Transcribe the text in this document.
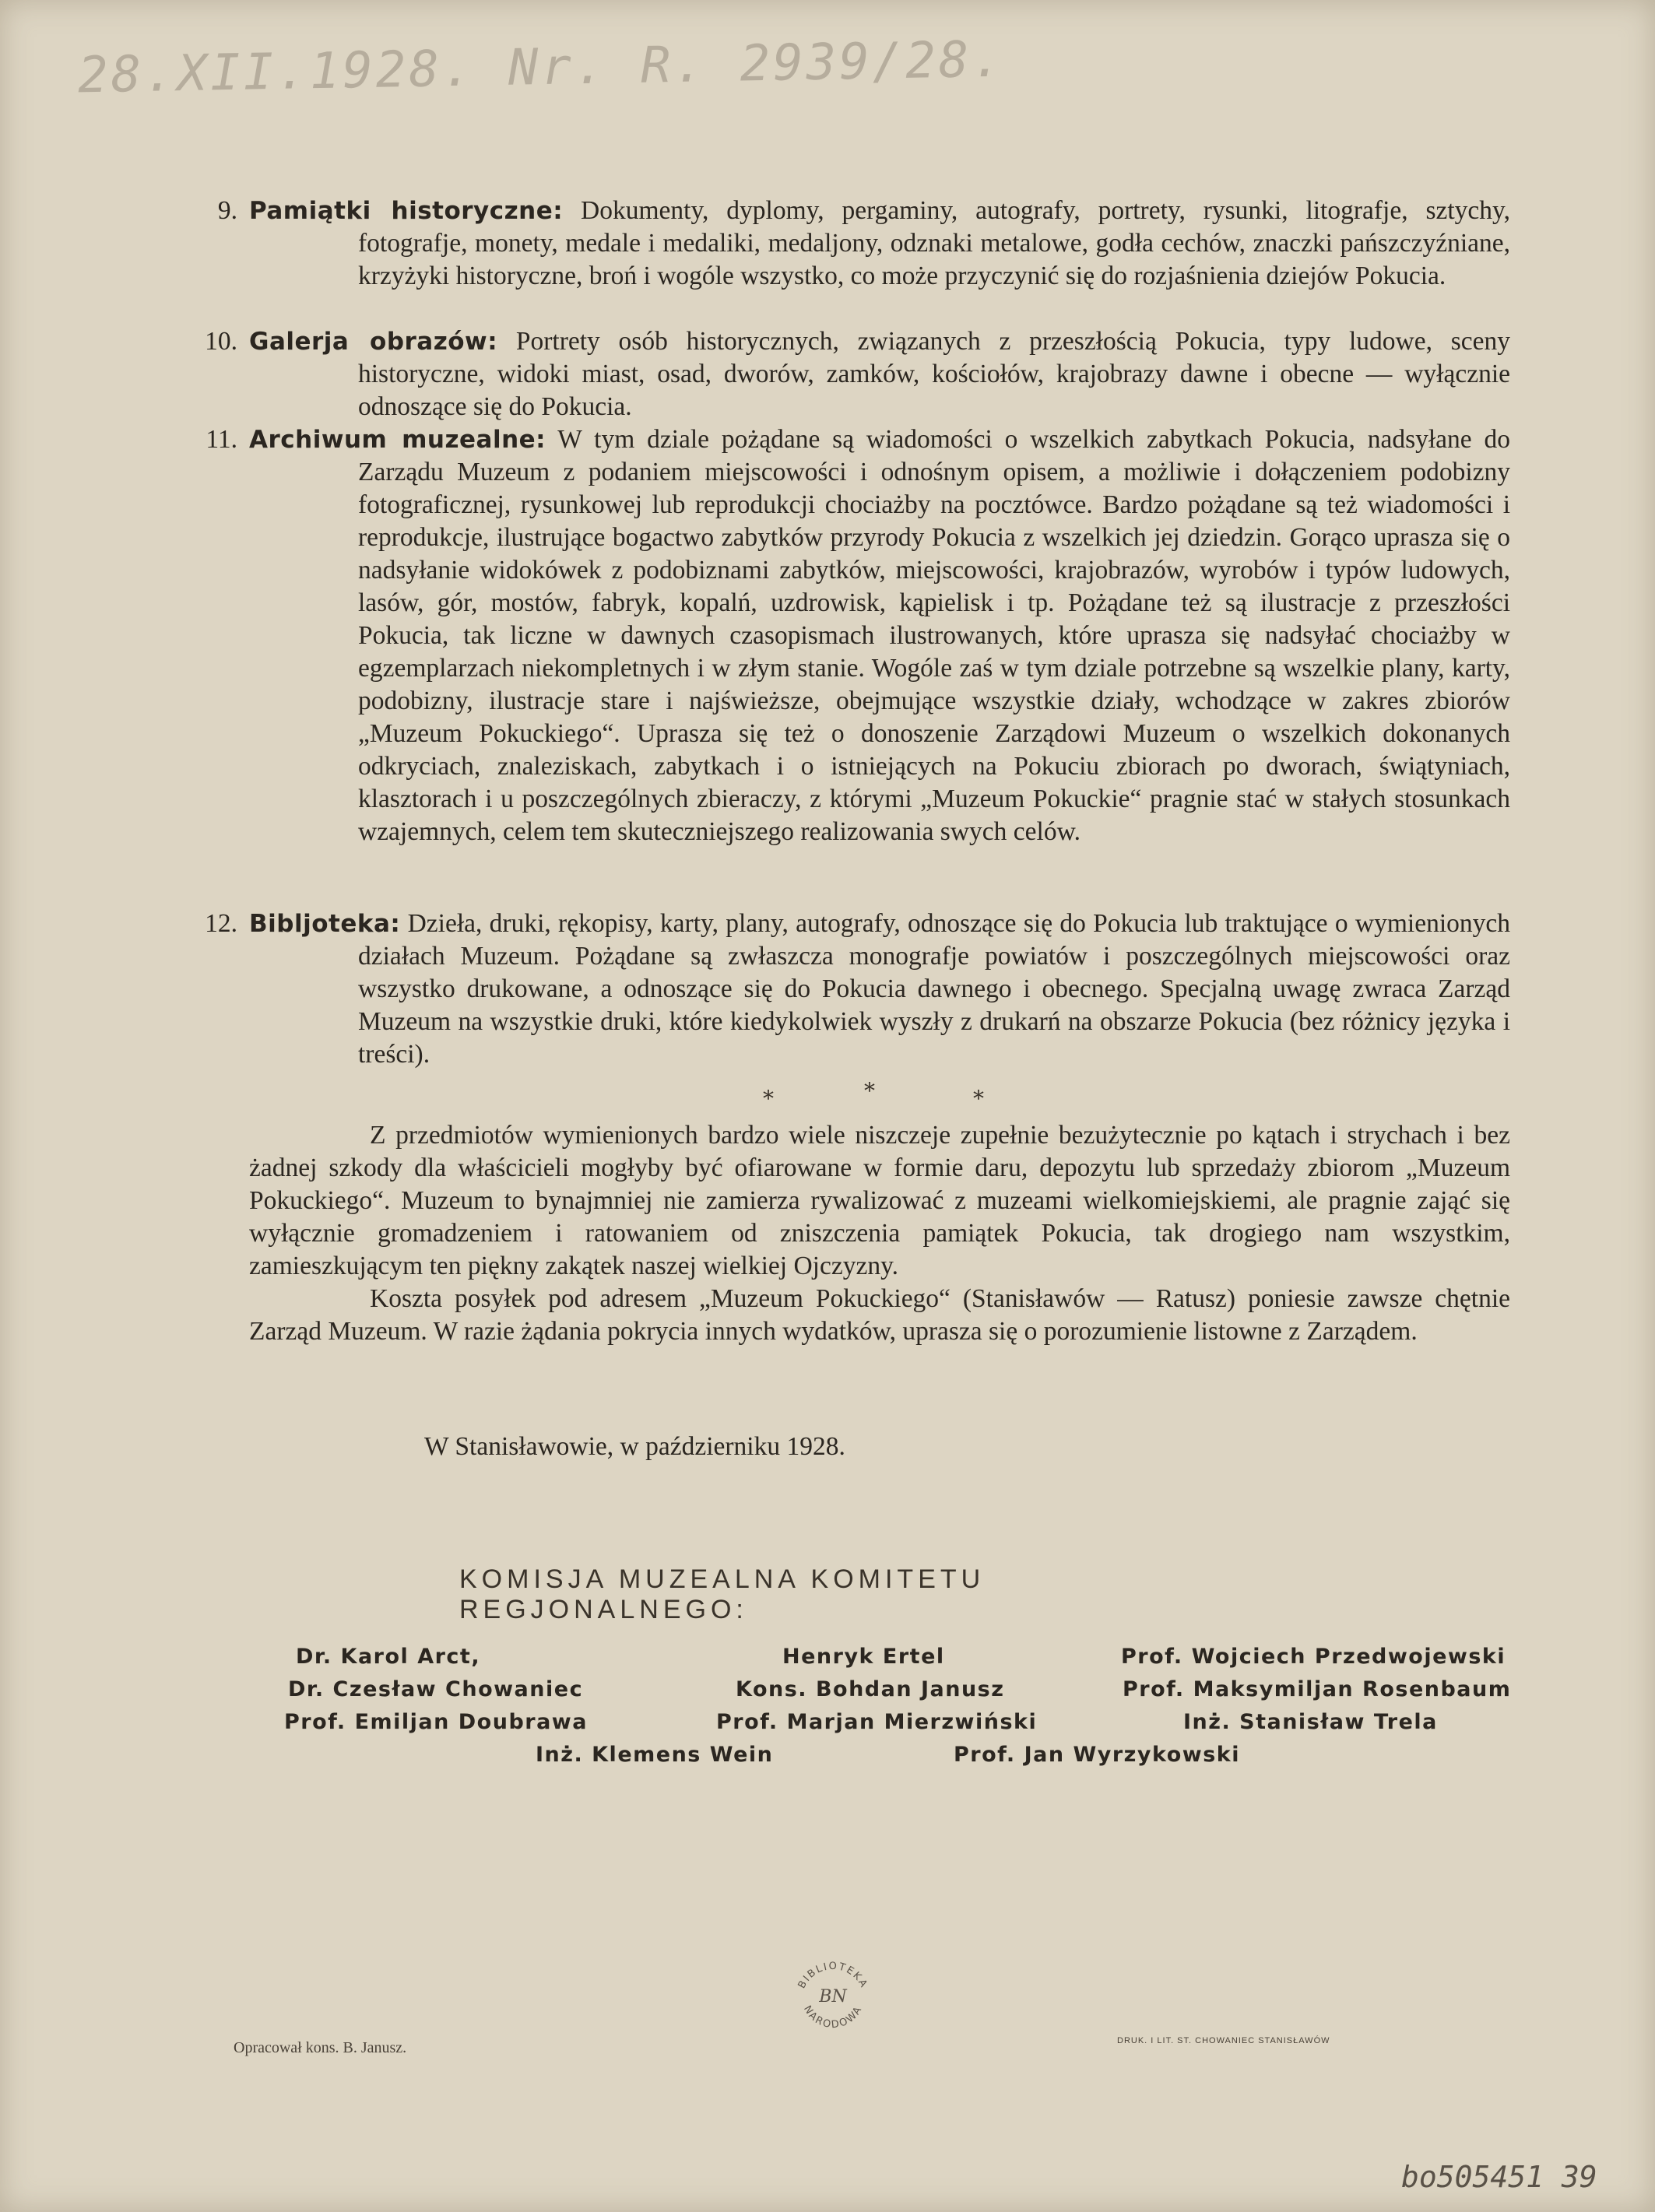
28.XII.1928. Nr. R. 2939/28.
9. Pamiątki historyczne: Dokumenty, dyplomy, pergaminy, autografy, portrety, rysunki, litografje, sztychy, fotografje, monety, medale i medaliki, medaljony, odznaki metalowe, godła cechów, znaczki pańszczyźniane, krzyżyki historyczne, broń i wogóle wszystko, co może przyczynić się do rozjaśnienia dziejów Pokucia.
10. Galerja obrazów: Portrety osób historycznych, związanych z przeszłością Pokucia, typy ludowe, sceny historyczne, widoki miast, osad, dworów, zamków, kościołów, krajobrazy dawne i obecne — wyłącznie odnoszące się do Pokucia.
11. Archiwum muzealne: W tym dziale pożądane są wiadomości o wszelkich zabytkach Pokucia, nadsyłane do Zarządu Muzeum z podaniem miejscowości i odnośnym opisem, a możliwie i dołączeniem podobizny fotograficznej, rysunkowej lub reprodukcji chociażby na pocztówce. Bardzo pożądane są też wiadomości i reprodukcje, ilustrujące bogactwo zabytków przyrody Pokucia z wszelkich jej dziedzin. Gorąco uprasza się o nadsyłanie widokówek z podobiznami zabytków, miejscowości, krajobrazów, wyrobów i typów ludowych, lasów, gór, mostów, fabryk, kopalń, uzdrowisk, kąpielisk i tp. Pożądane też są ilustracje z przeszłości Pokucia, tak liczne w dawnych czasopismach ilustrowanych, które uprasza się nadsyłać chociażby w egzemplarzach niekompletnych i w złym stanie. Wogóle zaś w tym dziale potrzebne są wszelkie plany, karty, podobizny, ilustracje stare i najświeższe, obejmujące wszystkie działy, wchodzące w zakres zbiorów „Muzeum Pokuckiego“. Uprasza się też o donoszenie Zarządowi Muzeum o wszelkich dokonanych odkryciach, znaleziskach, zabytkach i o istniejących na Pokuciu zbiorach po dworach, świątyniach, klasztorach i u poszczególnych zbieraczy, z którymi „Muzeum Pokuckie“ pragnie stać w stałych stosunkach wzajemnych, celem tem skuteczniejszego realizowania swych celów.
12. Bibljoteka: Dzieła, druki, rękopisy, karty, plany, autografy, odnoszące się do Pokucia lub traktujące o wymienionych działach Muzeum. Pożądane są zwłaszcza monografje powiatów i poszczególnych miejscowości oraz wszystko drukowane, a odnoszące się do Pokucia dawnego i obecnego. Specjalną uwagę zwraca Zarząd Muzeum na wszystkie druki, które kiedykolwiek wyszły z drukarń na obszarze Pokucia (bez różnicy języka i treści).
*	*	*

Z przedmiotów wymienionych bardzo wiele niszczeje zupełnie bezużytecznie po kątach i strychach i bez żadnej szkody dla właścicieli mogłyby być ofiarowane w formie daru, depozytu lub sprzedaży zbiorom „Muzeum Pokuckiego“. Muzeum to bynajmniej nie zamierza rywalizować z muzeami wielkomiejskiemi, ale pragnie zająć się wyłącznie gromadzeniem i ratowaniem od zniszczenia pamiątek Pokucia, tak drogiego nam wszystkim, zamieszkującym ten piękny zakątek naszej wielkiej Ojczyzny.

Koszta posyłek pod adresem „Muzeum Pokuckiego“ (Stanisławów — Ratusz) poniesie zawsze chętnie Zarząd Muzeum. W razie żądania pokrycia innych wydatków, uprasza się o porozumienie listowne z Zarządem.

W Stanisławowie, w październiku 1928.
KOMISJA MUZEALNA KOMITETU REGJONALNEGO:
Dr. Karol Arct,
Dr. Czesław Chowaniec
Prof. Emiljan Doubrawa
Henryk Ertel
Kons. Bohdan Janusz
Prof. Marjan Mierzwiński
Prof. Wojciech Przedwojewski
Prof. Maksymiljan Rosenbaum
Inż. Stanisław Trela
Inż. Klemens Wein	Prof. Jan Wyrzykowski
BIBLIOTEKA
BN
NARODOWA
Opracował kons. B. Janusz.	DRUK. I LIT. ST. CHOWANIEC STANISŁAWÓW
bo505451 39
